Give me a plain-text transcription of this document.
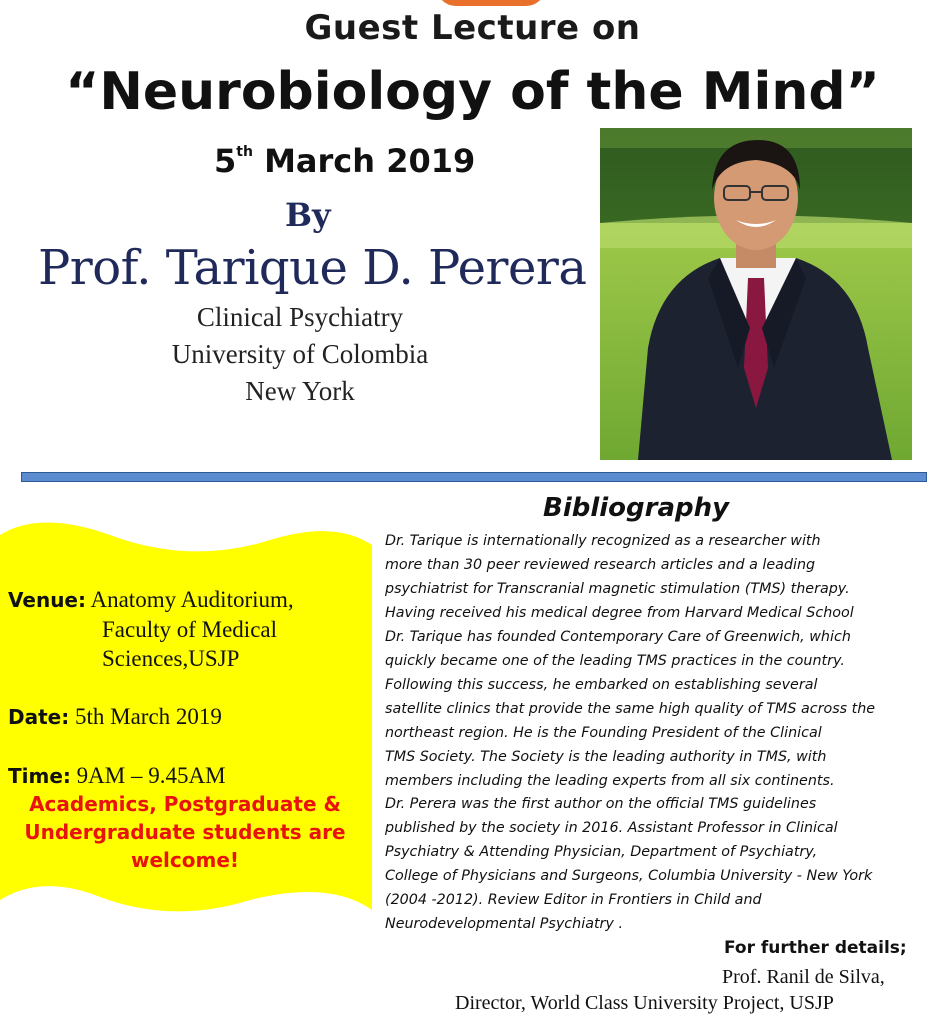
Guest Lecture on
“Neurobiology of the Mind”
5th March 2019
By
Prof. Tarique D. Perera
Clinical Psychiatry
University of Colombia
New York
Venue: Anatomy Auditorium,
Faculty of Medical
Sciences,USJP
Date: 5th March 2019
Time: 9AM – 9.45AM
Academics, Postgraduate &
Undergraduate students are
welcome!
Bibliography
Dr. Tarique is internationally recognized as a researcher with
more than 30 peer reviewed research articles and a leading
psychiatrist for Transcranial magnetic stimulation (TMS) therapy.
Having received his medical degree from Harvard Medical School
Dr. Tarique has founded Contemporary Care of Greenwich, which
quickly became one of the leading TMS practices in the country.
Following this success, he embarked on establishing several
satellite clinics that provide the same high quality of TMS across the
northeast region. He is the Founding President of the Clinical
TMS Society. The Society is the leading authority in TMS, with
members including the leading experts from all six continents.
Dr. Perera was the first author on the official TMS guidelines
published by the society in 2016. Assistant Professor in Clinical
Psychiatry & Attending Physician, Department of Psychiatry,
College of Physicians and Surgeons, Columbia University - New York
(2004 -2012). Review Editor in Frontiers in Child and
Neurodevelopmental Psychiatry .
For further details;
Prof. Ranil de Silva,
Director, World Class University Project, USJP
